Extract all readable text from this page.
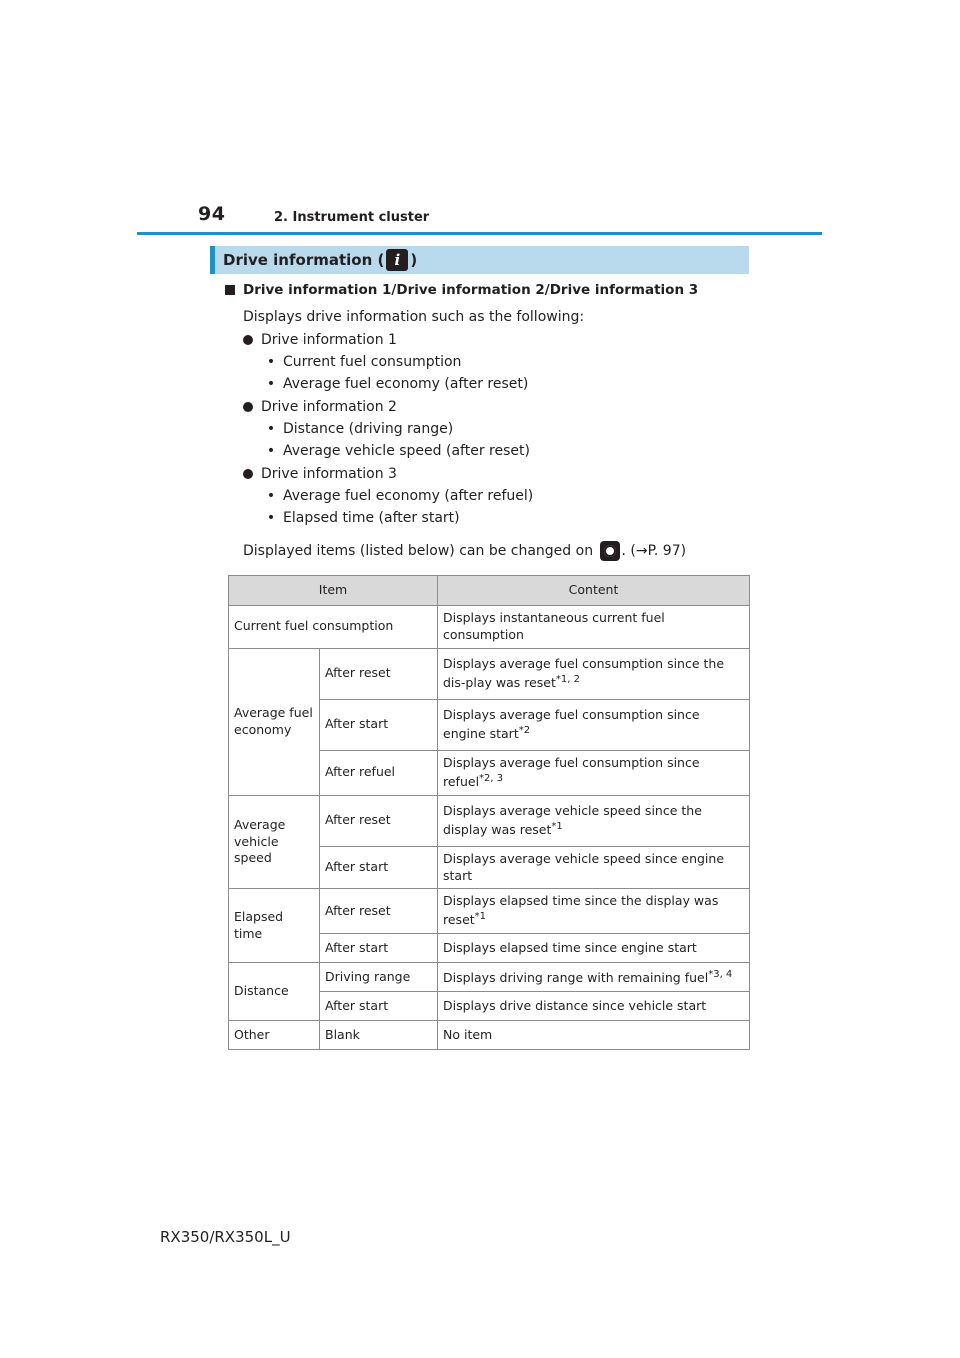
94	2. Instrument cluster
Drive information ( i )
Drive information 1/Drive information 2/Drive information 3
Displays drive information such as the following:
Drive information 1
• Current fuel consumption
• Average fuel economy (after reset)
Drive information 2
• Distance (driving range)
• Average vehicle speed (after reset)
Drive information 3
• Average fuel economy (after refuel)
• Elapsed time (after start)
Displayed items (listed below) can be changed on . (→P. 97)
Item		Content
Current fuel consumption		Displays instantaneous current fuel consumption
Average fuel economy	After reset	Displays average fuel consumption since the dis-play was reset$^{*1, 2}$
	After start	Displays average fuel consumption since engine start$^{*2}$
	After refuel	Displays average fuel consumption since refuel$^{*2, 3}$
Average vehicle speed	After reset	Displays average vehicle speed since the display was reset$^{*1}$
	After start	Displays average vehicle speed since engine start
Elapsed time	After reset	Displays elapsed time since the display was reset$^{*1}$
	After start	Displays elapsed time since engine start
Distance	Driving range	Displays driving range with remaining fuel$^{*3, 4}$
	After start	Displays drive distance since vehicle start
Other	Blank	No item
RX350/RX350L_U
